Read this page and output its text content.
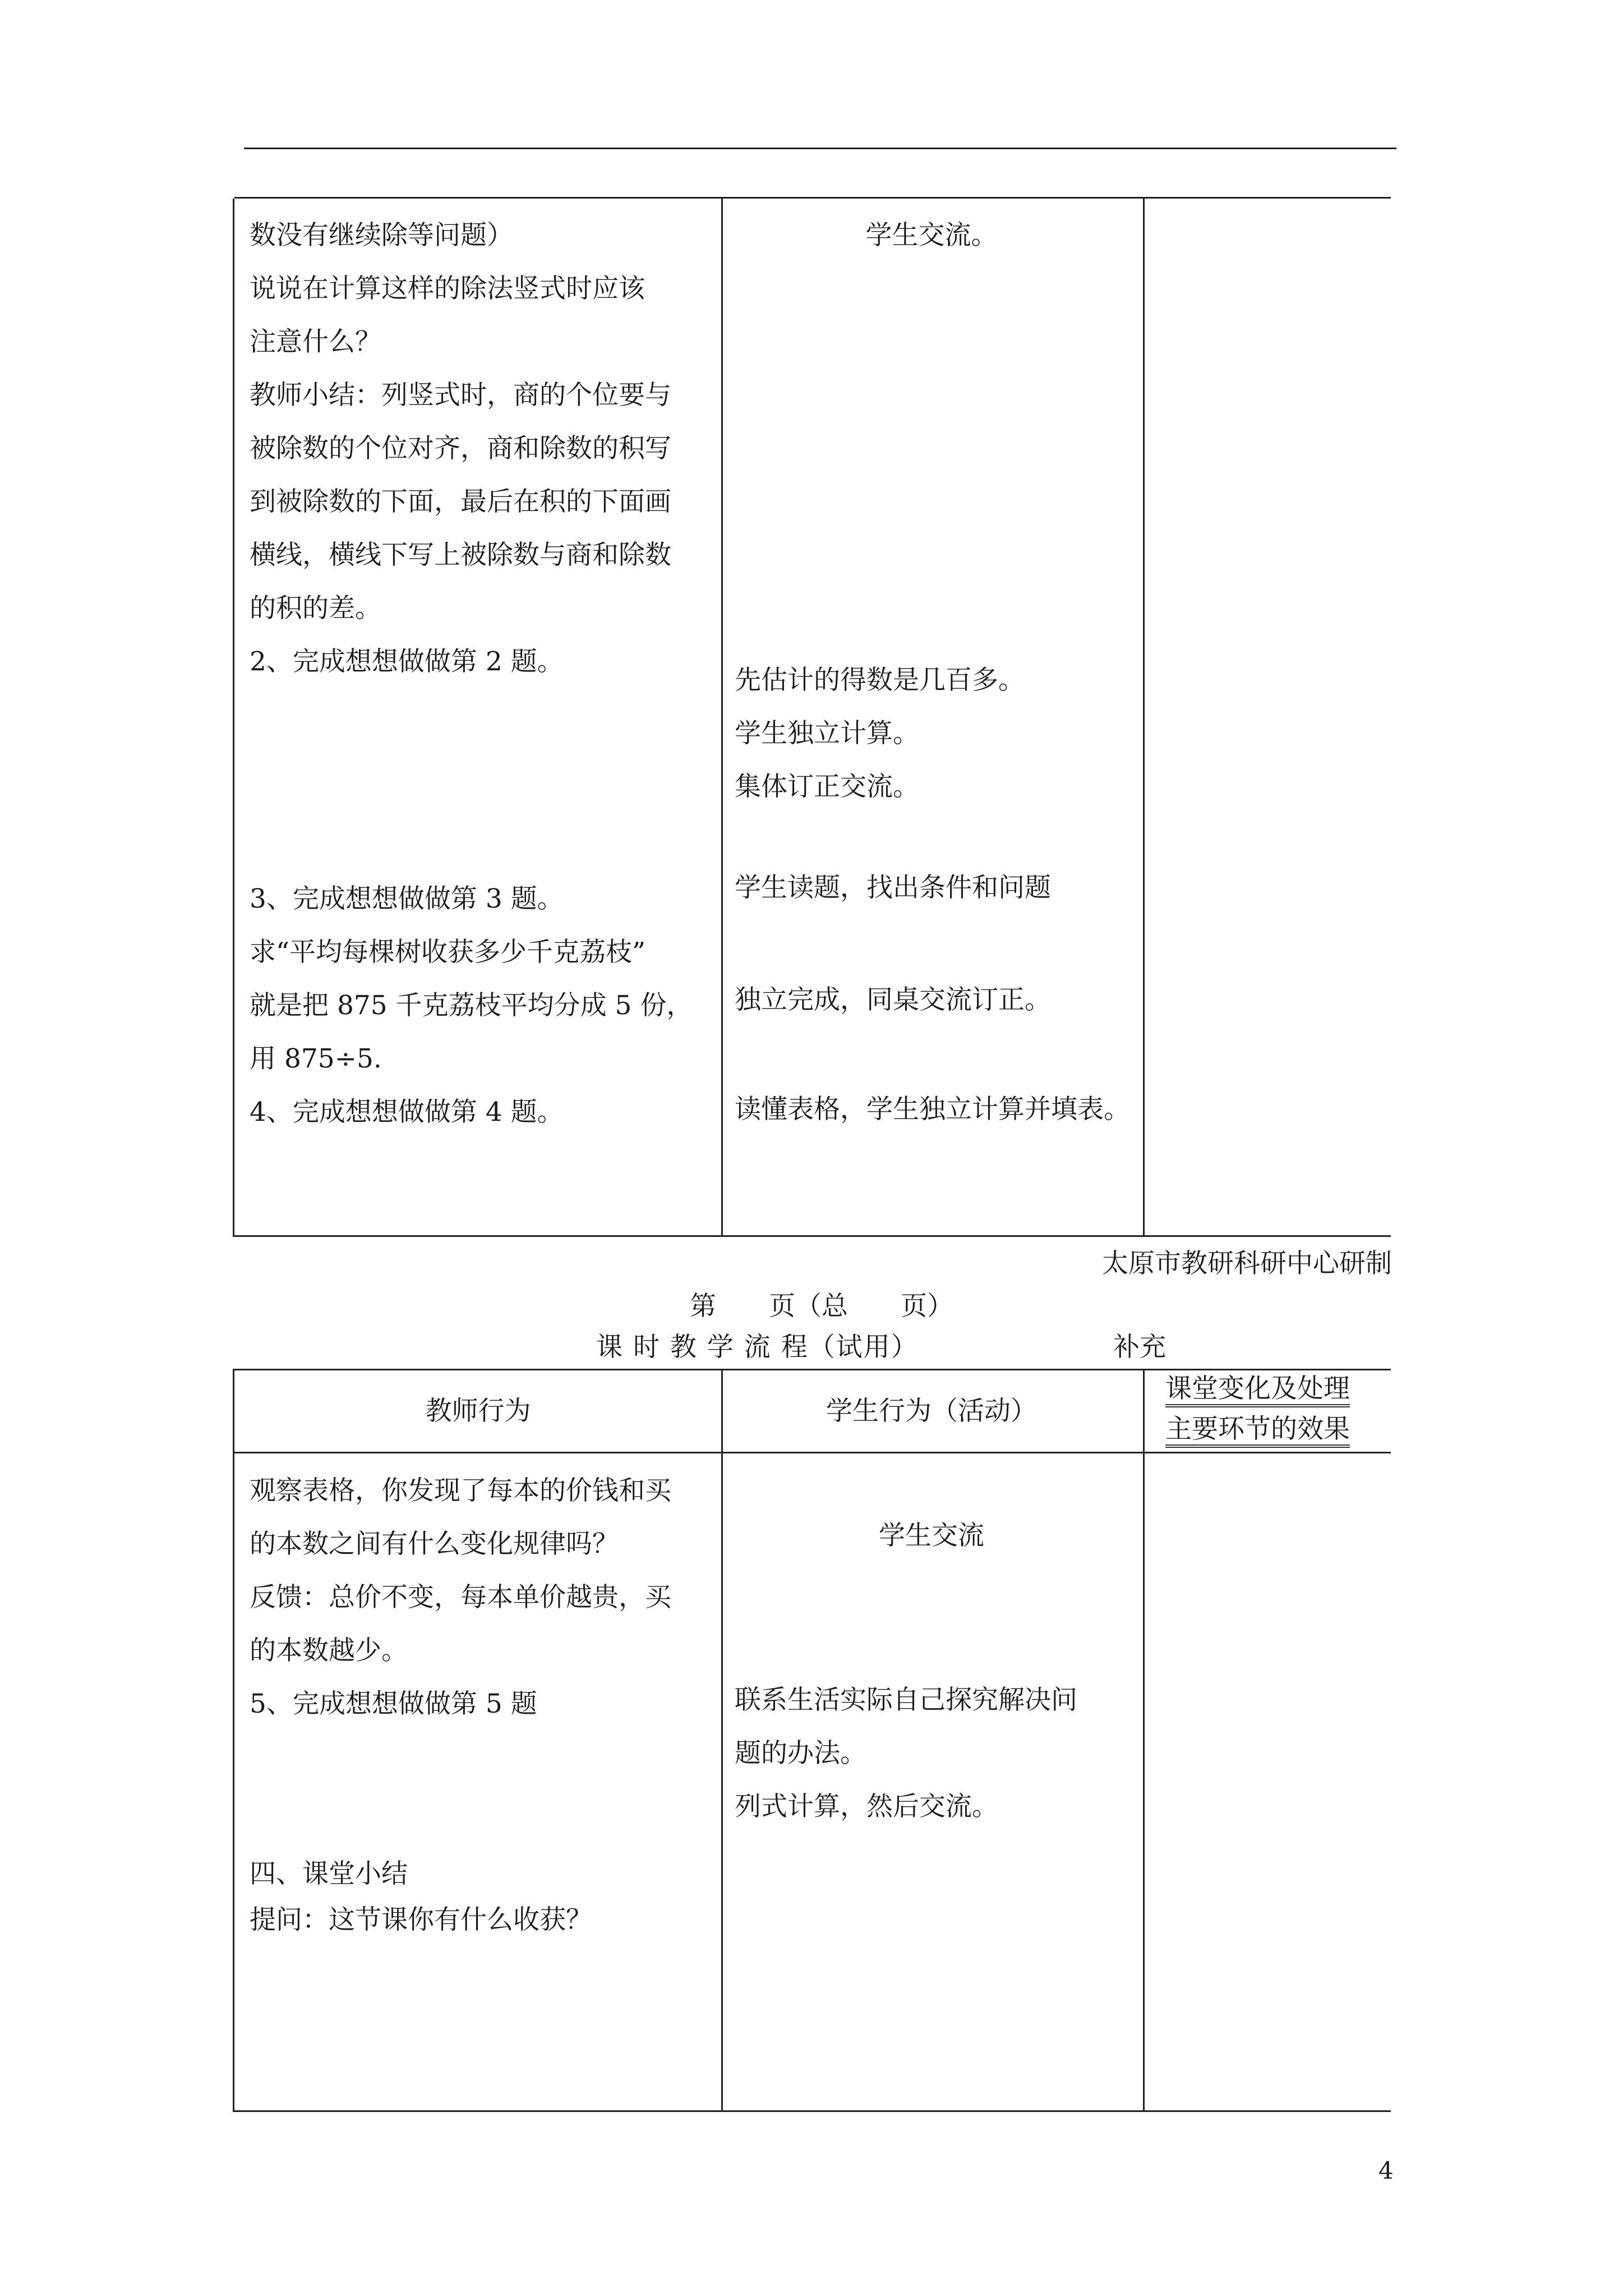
数没有继续除等问题）

说说在计算这样的除法竖式时应该

注意什么？

教师小结：列竖式时，商的个位要与

被除数的个位对齐，商和除数的积写

到被除数的下面，最后在积的下面画

横线，横线下写上被除数与商和除数

的积的差。

2、完成想想做做第 2 题。

3、完成想想做做第 3 题。

求“平均每棵树收获多少千克荔枝”

就是把 875 千克荔枝平均分成 5 份，

用 875÷5.

4、完成想想做做第 4 题。

学生交流。

先估计的得数是几百多。

学生独立计算。

集体订正交流。

学生读题，找出条件和问题

独立完成，同桌交流订正。

读懂表格，学生独立计算并填表。

太原市教研科研中心研制
第　　页（总　　页）
课 时 教 学 流 程（试用）	补充

教师行为	学生行为（活动）

课堂变化及处理

主要环节的效果

观察表格，你发现了每本的价钱和买

的本数之间有什么变化规律吗？

反馈：总价不变，每本单价越贵，买

的本数越少。

5、完成想想做做第 5 题

四、课堂小结

提问：这节课你有什么收获？

学生交流

联系生活实际自己探究解决问

题的办法。

列式计算，然后交流。

4
